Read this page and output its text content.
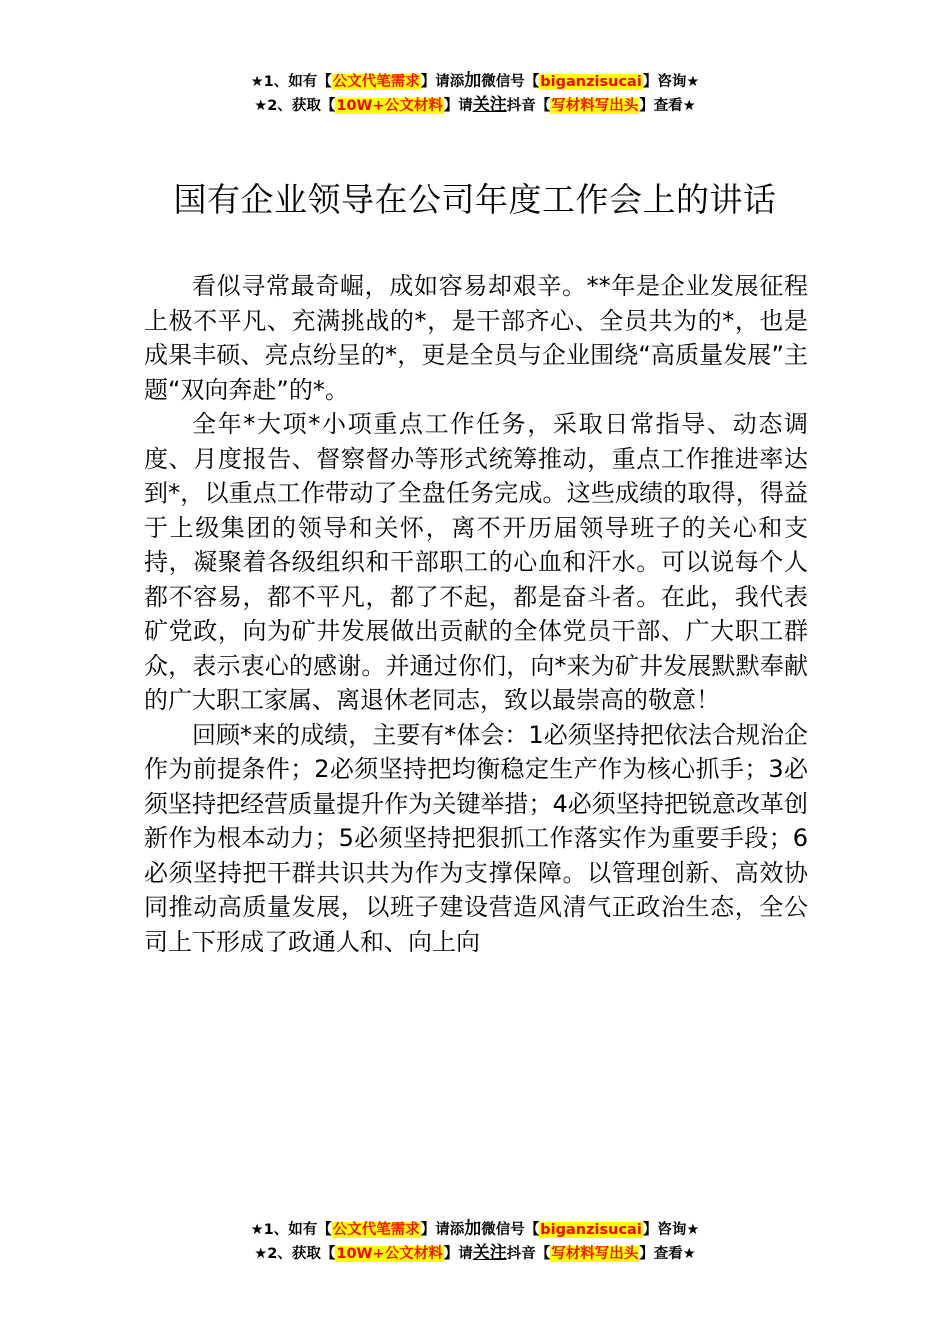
★1、如有【公文代笔需求】请添加微信号【biganzisucai】咨询★
★2、获取【10W+公文材料】请关注抖音【写材料写出头】查看★
国有企业领导在公司年度工作会上的讲话

看似寻常最奇崛，成如容易却艰辛。**年是企业发展征程上极不平凡、充满挑战的*，是干部齐心、全员共为的*，也是成果丰硕、亮点纷呈的*，更是全员与企业围绕“高质量发展”主题“双向奔赴”的*。

全年*大项*小项重点工作任务，采取日常指导、动态调度、月度报告、督察督办等形式统筹推动，重点工作推进率达到*，以重点工作带动了全盘任务完成。这些成绩的取得，得益于上级集团的领导和关怀，离不开历届领导班子的关心和支持，凝聚着各级组织和干部职工的心血和汗水。可以说每个人都不容易，都不平凡，都了不起，都是奋斗者。在此，我代表矿党政，向为矿井发展做出贡献的全体党员干部、广大职工群众，表示衷心的感谢。并通过你们，向*来为矿井发展默默奉献的广大职工家属、离退休老同志，致以最崇高的敬意！

回顾*来的成绩，主要有*体会：1必须坚持把依法合规治企作为前提条件；2必须坚持把均衡稳定生产作为核心抓手；3必须坚持把经营质量提升作为关键举措；4必须坚持把锐意改革创新作为根本动力；5必须坚持把狠抓工作落实作为重要手段；6必须坚持把干群共识共为作为支撑保障。以管理创新、高效协同推动高质量发展，以班子建设营造风清气正政治生态，全公司上下形成了政通人和、向上向

★1、如有【公文代笔需求】请添加微信号【biganzisucai】咨询★
★2、获取【10W+公文材料】请关注抖音【写材料写出头】查看★
